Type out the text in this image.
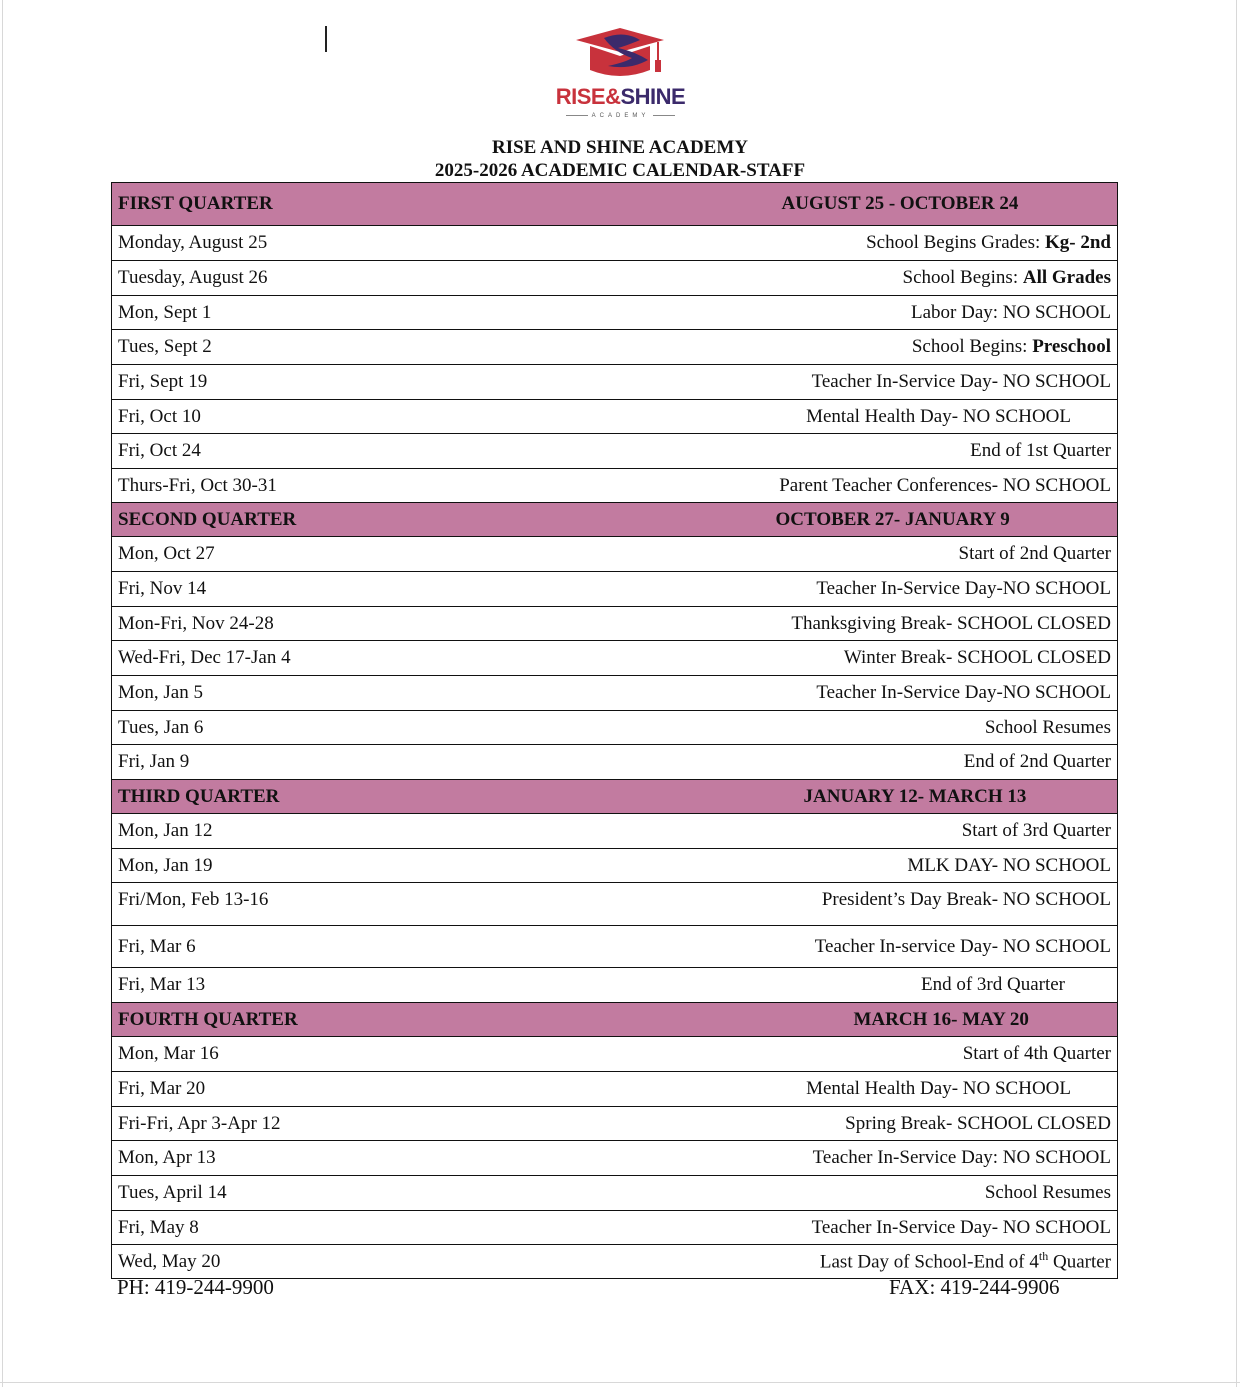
RISE&SHINE
ACADEMY
RISE AND SHINE ACADEMY
2025-2026 ACADEMIC CALENDAR-STAFF
FIRST QUARTER	AUGUST 25 - OCTOBER 24
Monday, August 25	School Begins Grades: Kg- 2nd
Tuesday, August 26	School Begins: All Grades
Mon, Sept 1	Labor Day: NO SCHOOL
Tues, Sept 2	School Begins: Preschool
Fri, Sept 19	Teacher In-Service Day- NO SCHOOL
Fri, Oct 10	Mental Health Day- NO SCHOOL
Fri, Oct 24	End of 1st Quarter
Thurs-Fri, Oct 30-31	Parent Teacher Conferences- NO SCHOOL
SECOND QUARTER	OCTOBER 27- JANUARY 9
Mon, Oct 27	Start of 2nd Quarter
Fri, Nov 14	Teacher In-Service Day-NO SCHOOL
Mon-Fri, Nov 24-28	Thanksgiving Break- SCHOOL CLOSED
Wed-Fri, Dec 17-Jan 4	Winter Break- SCHOOL CLOSED
Mon, Jan 5	Teacher In-Service Day-NO SCHOOL
Tues, Jan 6	School Resumes
Fri, Jan 9	End of 2nd Quarter
THIRD QUARTER	JANUARY 12- MARCH 13
Mon, Jan 12	Start of 3rd Quarter
Mon, Jan 19	MLK DAY- NO SCHOOL
Fri/Mon, Feb 13-16	President’s Day Break- NO SCHOOL
Fri, Mar 6	Teacher In-service Day- NO SCHOOL
Fri, Mar 13	End of 3rd Quarter
FOURTH QUARTER	MARCH 16- MAY 20
Mon, Mar 16	Start of 4th Quarter
Fri, Mar 20	Mental Health Day- NO SCHOOL
Fri-Fri, Apr 3-Apr 12	Spring Break- SCHOOL CLOSED
Mon, Apr 13	Teacher In-Service Day: NO SCHOOL
Tues, April 14	School Resumes
Fri, May 8	Teacher In-Service Day- NO SCHOOL
Wed, May 20	Last Day of School-End of 4th Quarter
PH: 419-244-9900	FAX: 419-244-9906
